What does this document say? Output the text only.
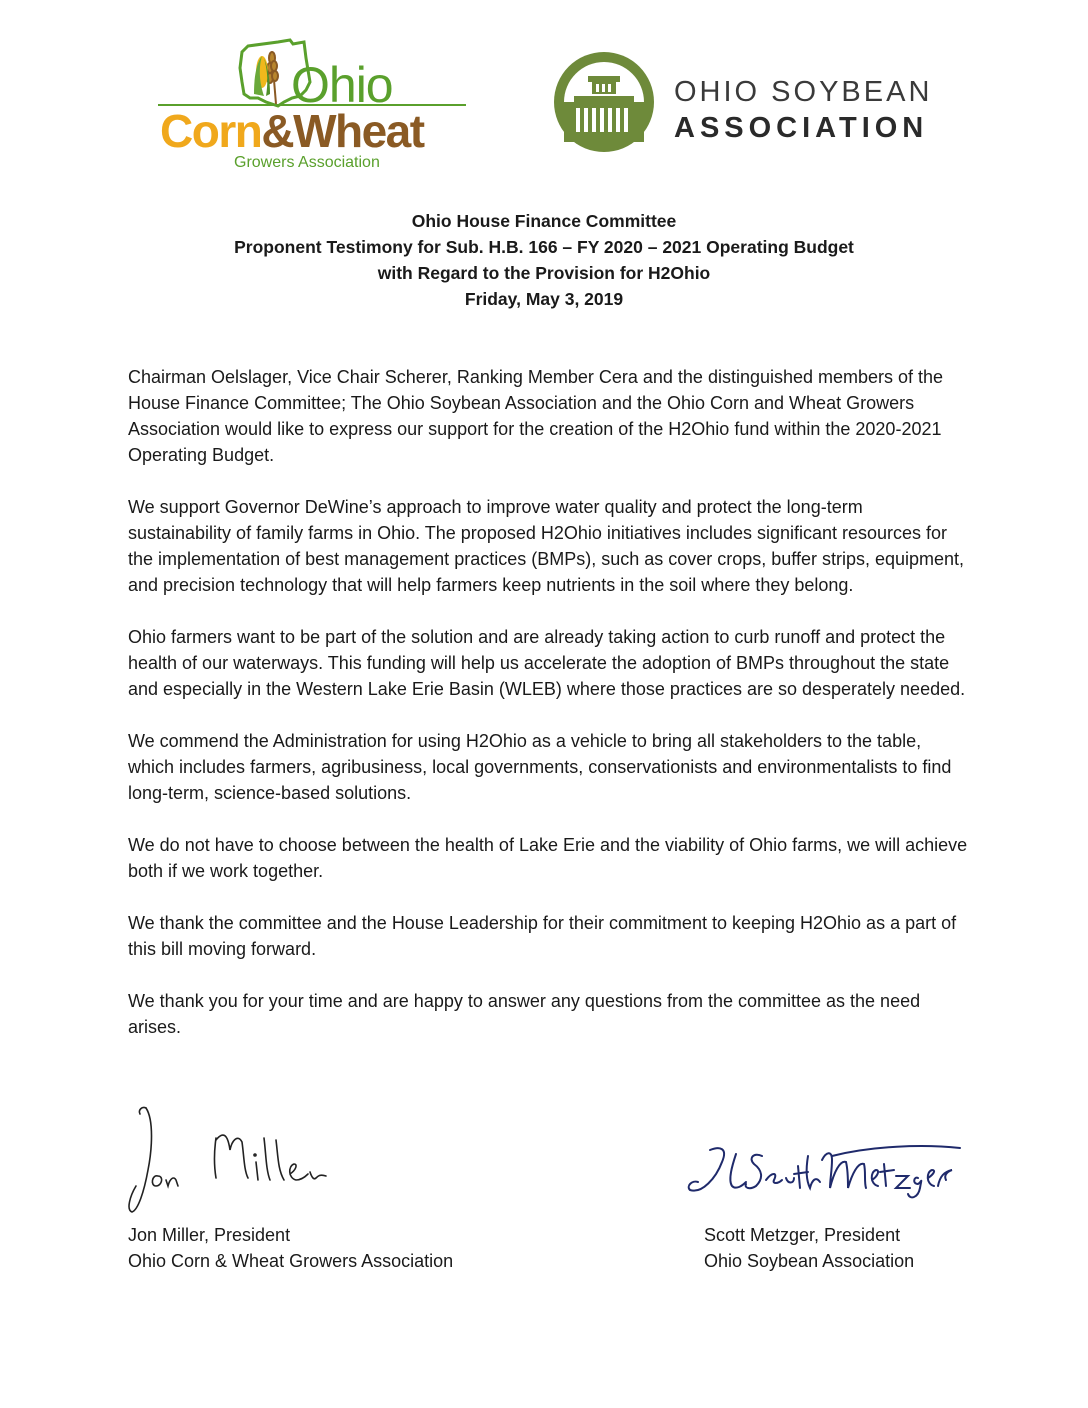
Ohio
Corn&Wheat
Growers Association
OHIO SOYBEAN
ASSOCIATION
Ohio House Finance Committee
Proponent Testimony for Sub. H.B. 166 – FY 2020 – 2021 Operating Budget
with Regard to the Provision for H2Ohio
Friday, May 3, 2019

Chairman Oelslager, Vice Chair Scherer, Ranking Member Cera and the distinguished members of the House Finance Committee; The Ohio Soybean Association and the Ohio Corn and Wheat Growers Association would like to express our support for the creation of the H2Ohio fund within the 2020-2021 Operating Budget.

We support Governor DeWine’s approach to improve water quality and protect the long-term sustainability of family farms in Ohio. The proposed H2Ohio initiatives includes significant resources for the implementation of best management practices (BMPs), such as cover crops, buffer strips, equipment, and precision technology that will help farmers keep nutrients in the soil where they belong.

Ohio farmers want to be part of the solution and are already taking action to curb runoff and protect the health of our waterways. This funding will help us accelerate the adoption of BMPs throughout the state and especially in the Western Lake Erie Basin (WLEB) where those practices are so desperately needed.

We commend the Administration for using H2Ohio as a vehicle to bring all stakeholders to the table, which includes farmers, agribusiness, local governments, conservationists and environmentalists to find long-term, science-based solutions.

We do not have to choose between the health of Lake Erie and the viability of Ohio farms, we will achieve both if we work together.

We thank the committee and the House Leadership for their commitment to keeping H2Ohio as a part of this bill moving forward.

We thank you for your time and are happy to answer any questions from the committee as the need arises.

Jon Miller, President
Ohio Corn & Wheat Growers Association
Scott Metzger, President
Ohio Soybean Association
